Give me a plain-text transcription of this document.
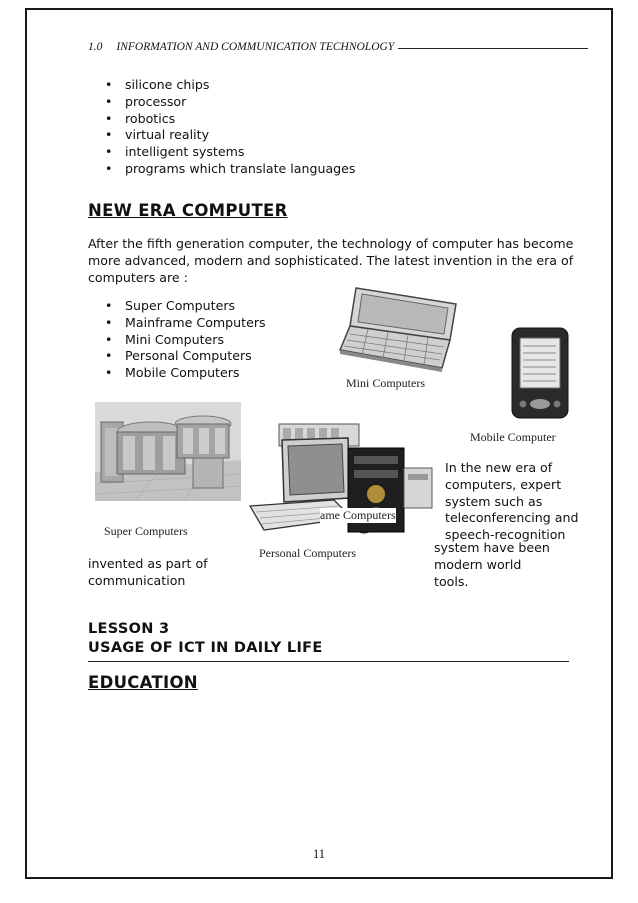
1.0 INFORMATION AND COMMUNICATION TECHNOLOGY
• silicone chips
• processor
• robotics
• virtual reality
• intelligent systems
• programs which translate languages
NEW ERA COMPUTER
After the fifth generation computer, the technology of computer has become
more advanced, modern and sophisticated. The latest invention in the era of
computers are :
• Super Computers
• Mainframe Computers
• Mini Computers
• Personal Computers
• Mobile Computers
Mini Computers
Mobile Computer
Super Computers
ame Computers
Personal Computers
In the new era of
computers, expert
system such as
teleconferencing and
speech-recognition
system have been
modern world
tools.
invented as part of
communication
LESSON 3
USAGE OF ICT IN DAILY LIFE
EDUCATION
11
